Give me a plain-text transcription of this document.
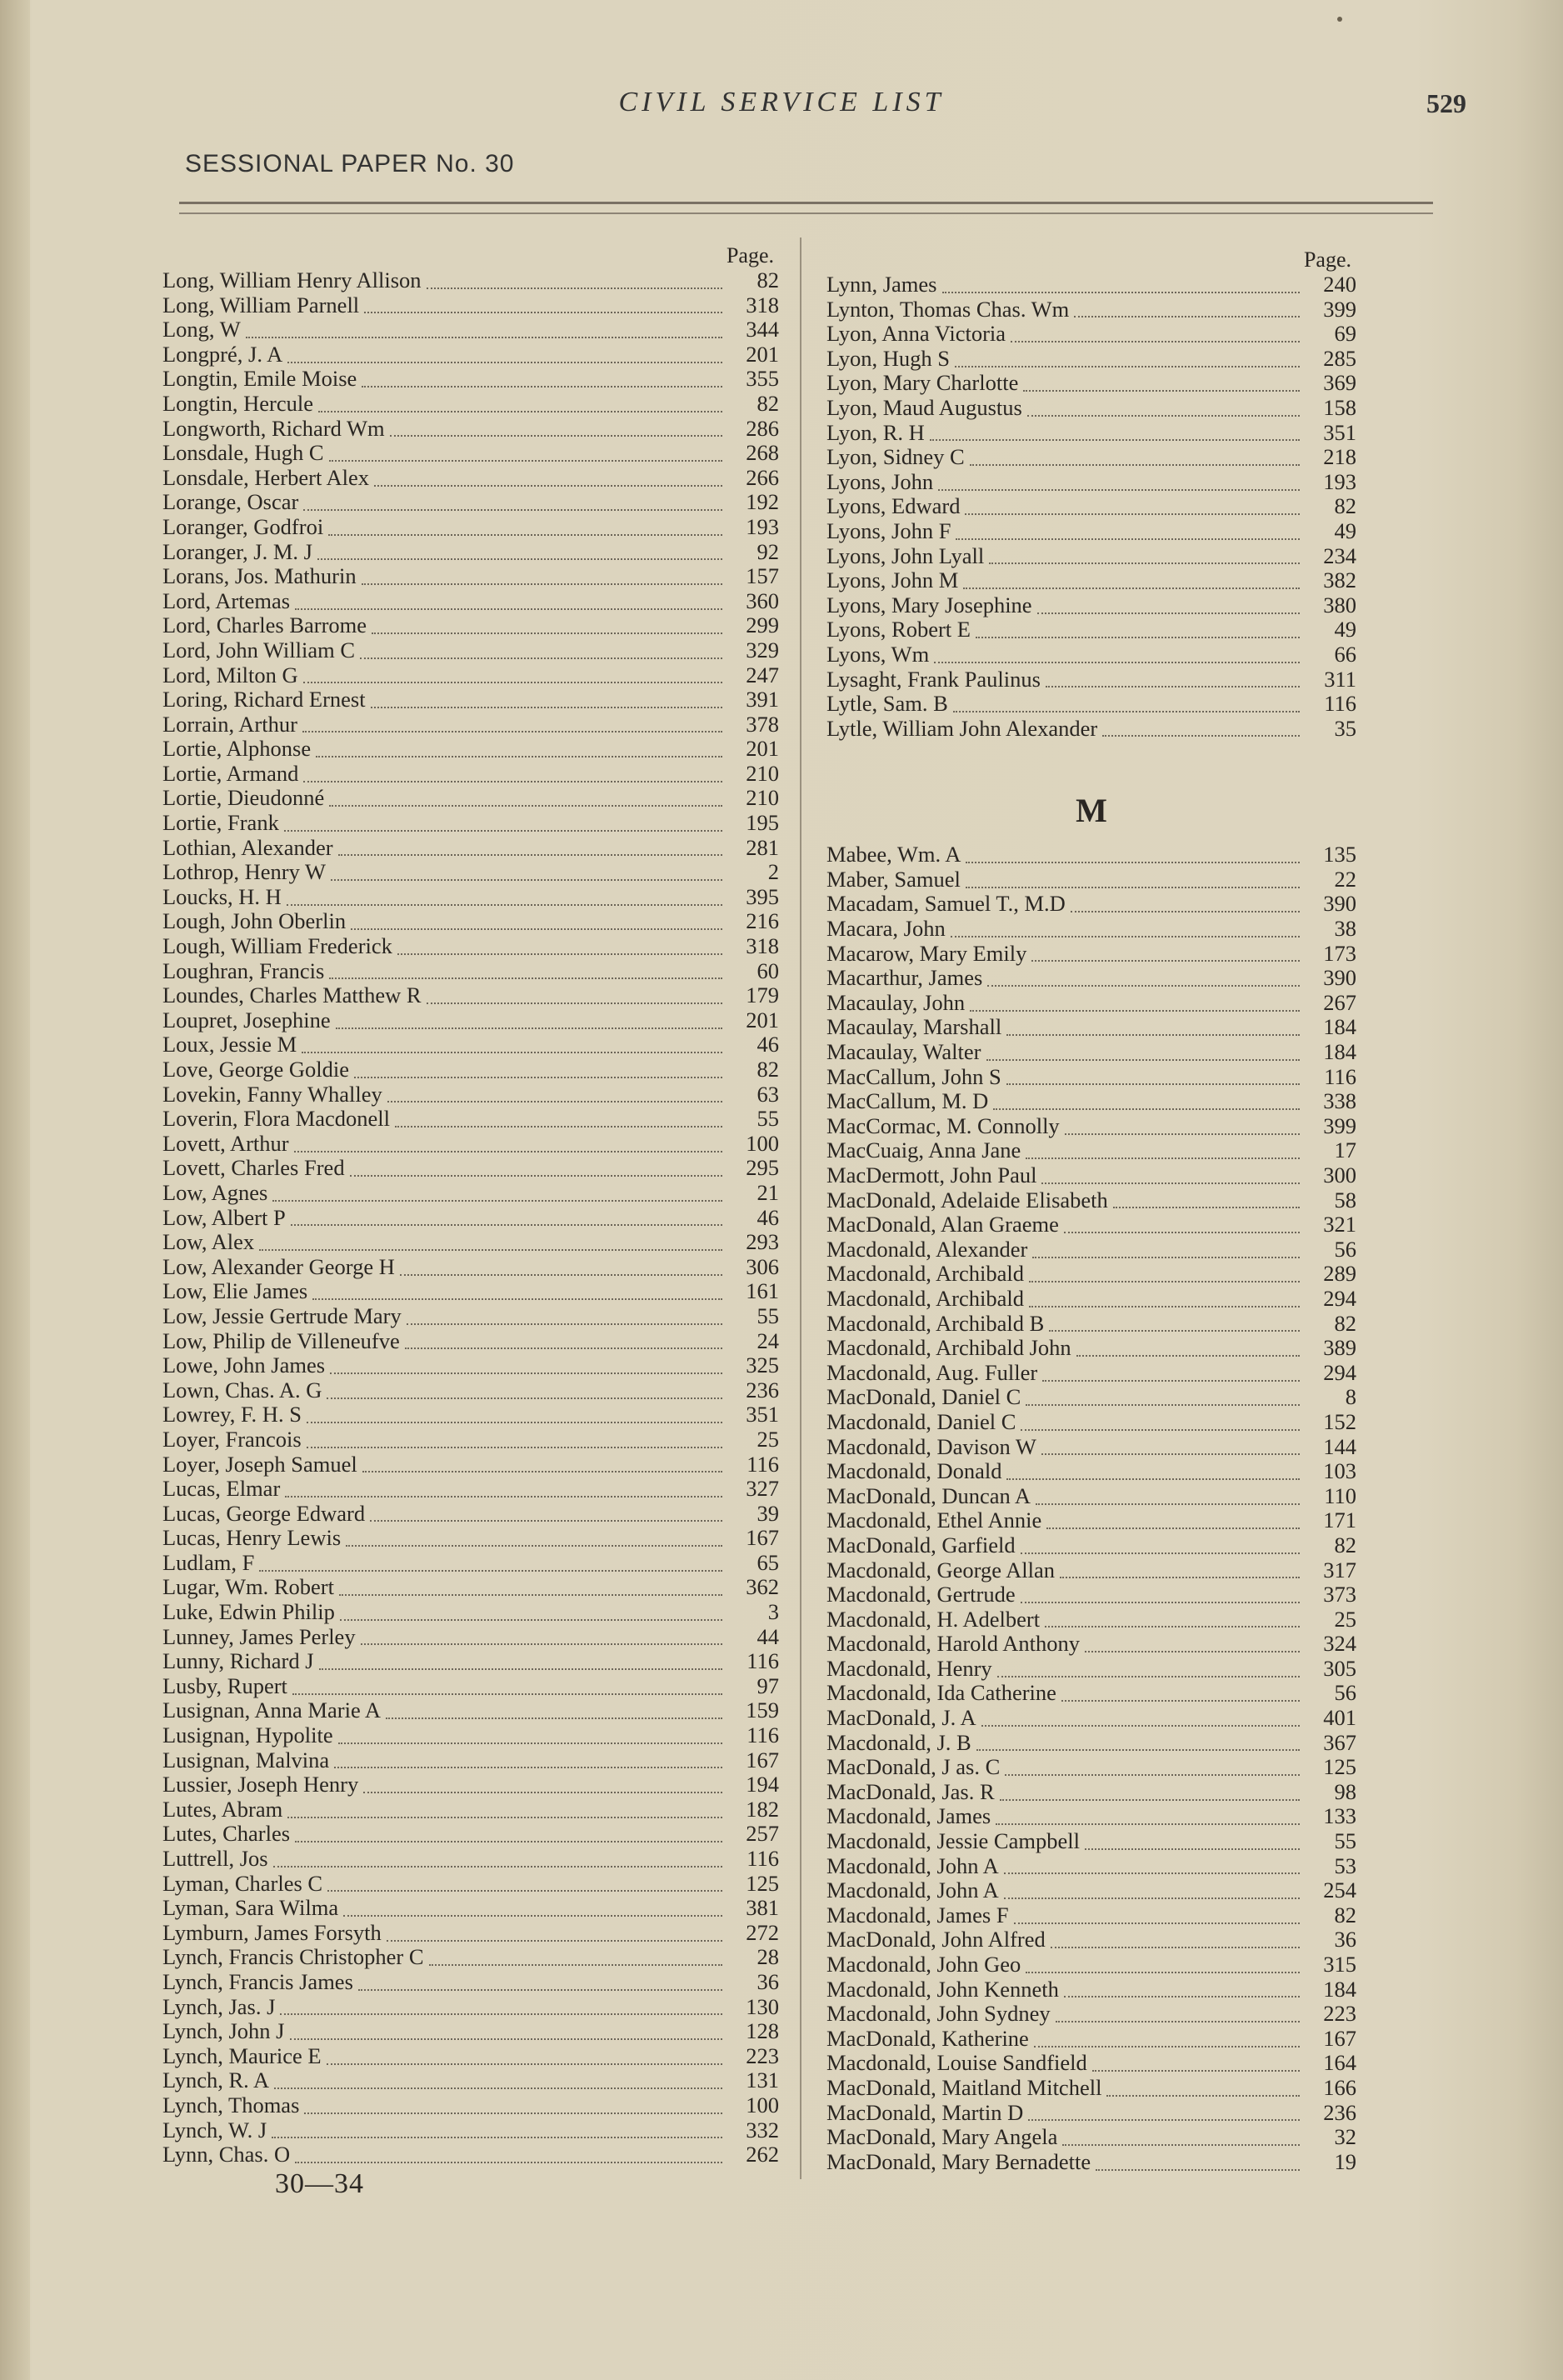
CIVIL SERVICE LIST	529
SESSIONAL PAPER No. 30
Page.
Long, William Henry Allison	82
Long, William Parnell	318
Long, W	344
Longpré, J. A	201
Longtin, Emile Moise	355
Longtin, Hercule	82
Longworth, Richard Wm	286
Lonsdale, Hugh C	268
Lonsdale, Herbert Alex	266
Lorange, Oscar	192
Loranger, Godfroi	193
Loranger, J. M. J	92
Lorans, Jos. Mathurin	157
Lord, Artemas	360
Lord, Charles Barrome	299
Lord, John William C	329
Lord, Milton G	247
Loring, Richard Ernest	391
Lorrain, Arthur	378
Lortie, Alphonse	201
Lortie, Armand	210
Lortie, Dieudonné	210
Lortie, Frank	195
Lothian, Alexander	281
Lothrop, Henry W	2
Loucks, H. H	395
Lough, John Oberlin	216
Lough, William Frederick	318
Loughran, Francis	60
Loundes, Charles Matthew R	179
Loupret, Josephine	201
Loux, Jessie M	46
Love, George Goldie	82
Lovekin, Fanny Whalley	63
Loverin, Flora Macdonell	55
Lovett, Arthur	100
Lovett, Charles Fred	295
Low, Agnes	21
Low, Albert P	46
Low, Alex	293
Low, Alexander George H	306
Low, Elie James	161
Low, Jessie Gertrude Mary	55
Low, Philip de Villeneufve	24
Lowe, John James	325
Lown, Chas. A. G	236
Lowrey, F. H. S	351
Loyer, Francois	25
Loyer, Joseph Samuel	116
Lucas, Elmar	327
Lucas, George Edward	39
Lucas, Henry Lewis	167
Ludlam, F	65
Lugar, Wm. Robert	362
Luke, Edwin Philip	3
Lunney, James Perley	44
Lunny, Richard J	116
Lusby, Rupert	97
Lusignan, Anna Marie A	159
Lusignan, Hypolite	116
Lusignan, Malvina	167
Lussier, Joseph Henry	194
Lutes, Abram	182
Lutes, Charles	257
Luttrell, Jos	116
Lyman, Charles C	125
Lyman, Sara Wilma	381
Lymburn, James Forsyth	272
Lynch, Francis Christopher C	28
Lynch, Francis James	36
Lynch, Jas. J	130
Lynch, John J	128
Lynch, Maurice E	223
Lynch, R. A	131
Lynch, Thomas	100
Lynch, W. J	332
Lynn, Chas. O	262
Page.
Lynn, James	240
Lynton, Thomas Chas. Wm	399
Lyon, Anna Victoria	69
Lyon, Hugh S	285
Lyon, Mary Charlotte	369
Lyon, Maud Augustus	158
Lyon, R. H	351
Lyon, Sidney C	218
Lyons, John	193
Lyons, Edward	82
Lyons, John F	49
Lyons, John Lyall	234
Lyons, John M	382
Lyons, Mary Josephine	380
Lyons, Robert E	49
Lyons, Wm	66
Lysaght, Frank Paulinus	311
Lytle, Sam. B	116
Lytle, William John Alexander	35
M
Mabee, Wm. A	135
Maber, Samuel	22
Macadam, Samuel T., M.D	390
Macara, John	38
Macarow, Mary Emily	173
Macarthur, James	390
Macaulay, John	267
Macaulay, Marshall	184
Macaulay, Walter	184
MacCallum, John S	116
MacCallum, M. D	338
MacCormac, M. Connolly	399
MacCuaig, Anna Jane	17
MacDermott, John Paul	300
MacDonald, Adelaide Elisabeth	58
MacDonald, Alan Graeme	321
Macdonald, Alexander	56
Macdonald, Archibald	289
Macdonald, Archibald	294
Macdonald, Archibald B	82
Macdonald, Archibald John	389
Macdonald, Aug. Fuller	294
MacDonald, Daniel C	8
Macdonald, Daniel C	152
Macdonald, Davison W	144
Macdonald, Donald	103
MacDonald, Duncan A	110
Macdonald, Ethel Annie	171
MacDonald, Garfield	82
Macdonald, George Allan	317
Macdonald, Gertrude	373
Macdonald, H. Adelbert	25
Macdonald, Harold Anthony	324
Macdonald, Henry	305
Macdonald, Ida Catherine	56
MacDonald, J. A	401
Macdonald, J. B	367
MacDonald, J as. C	125
MacDonald, Jas. R	98
Macdonald, James	133
Macdonald, Jessie Campbell	55
Macdonald, John A	53
Macdonald, John A	254
Macdonald, James F	82
MacDonald, John Alfred	36
Macdonald, John Geo	315
Macdonald, John Kenneth	184
Macdonald, John Sydney	223
MacDonald, Katherine	167
Macdonald, Louise Sandfield	164
MacDonald, Maitland Mitchell	166
MacDonald, Martin D	236
MacDonald, Mary Angela	32
MacDonald, Mary Bernadette	19
30—34
